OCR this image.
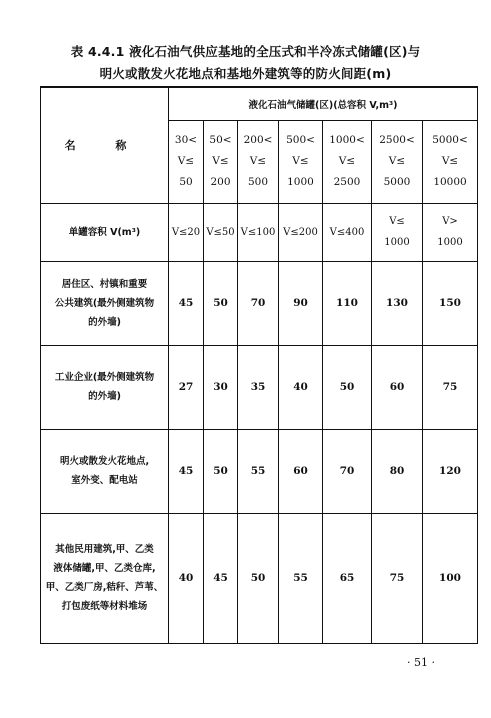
表 4.4.1 液化石油气供应基地的全压式和半冷冻式储罐(区)与
明火或散发火花地点和基地外建筑等的防火间距(m)
名 称	液化石油气储罐(区)(总容积 V,m³)						

	30<
V≤
50	50<
V≤
200	200<
V≤
500	500<
V≤
1000	1000<
V≤
2500	2500<
V≤
5000	5000<
V≤
10000

单罐容积 V(m³)	V≤20	V≤50	V≤100	V≤200	V≤400	V≤
1000	V>
1000

居住区、村镇和重要
公共建筑(最外侧建筑物
的外墙)	45	50	70	90	110	130	150

工业企业(最外侧建筑物
的外墙)	27	30	35	40	50	60	75

明火或散发火花地点,
室外变、配电站	45	50	55	60	70	80	120

其他民用建筑,甲、乙类
液体储罐,甲、乙类仓库,
甲、乙类厂房,秸秆、芦苇、
打包废纸等材料堆场	40	45	50	55	65	75	100
· 51 ·
